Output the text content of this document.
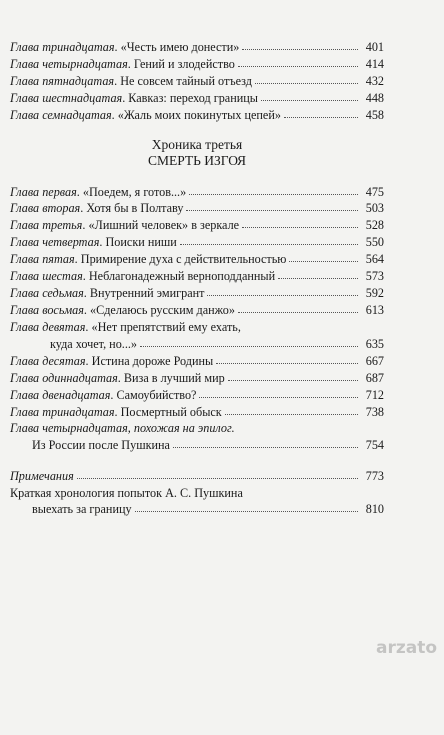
arzato
Глава тринадцатая. «Честь имею донести»	401
Глава четырнадцатая. Гений и злодейство	414
Глава пятнадцатая. Не совсем тайный отъезд	432
Глава шестнадцатая. Кавказ: переход границы	448
Глава семнадцатая. «Жаль моих покинутых цепей»	458

Хроника третья

СМЕРТЬ ИЗГОЯ

Глава первая. «Поедем, я готов...»	475
Глава вторая. Хотя бы в Полтаву	503
Глава третья. «Лишний человек» в зеркале	528
Глава четвертая. Поиски ниши	550
Глава пятая. Примирение духа с действительностью	564
Глава шестая. Неблагонадежный верноподданный	573
Глава седьмая. Внутренний эмигрант	592
Глава восьмая. «Сделаюсь русским данжо»	613
Глава девятая. «Нет препятствий ему ехать,
куда хочет, но...»	635
Глава десятая. Истина дороже Родины	667
Глава одиннадцатая. Виза в лучший мир	687
Глава двенадцатая. Самоубийство?	712
Глава тринадцатая. Посмертный обыск	738
Глава четырнадцатая, похожая на эпилог.
Из России после Пушкина	754
Примечания	773
Краткая хронология попыток А. С. Пушкина
выехать за границу	810
